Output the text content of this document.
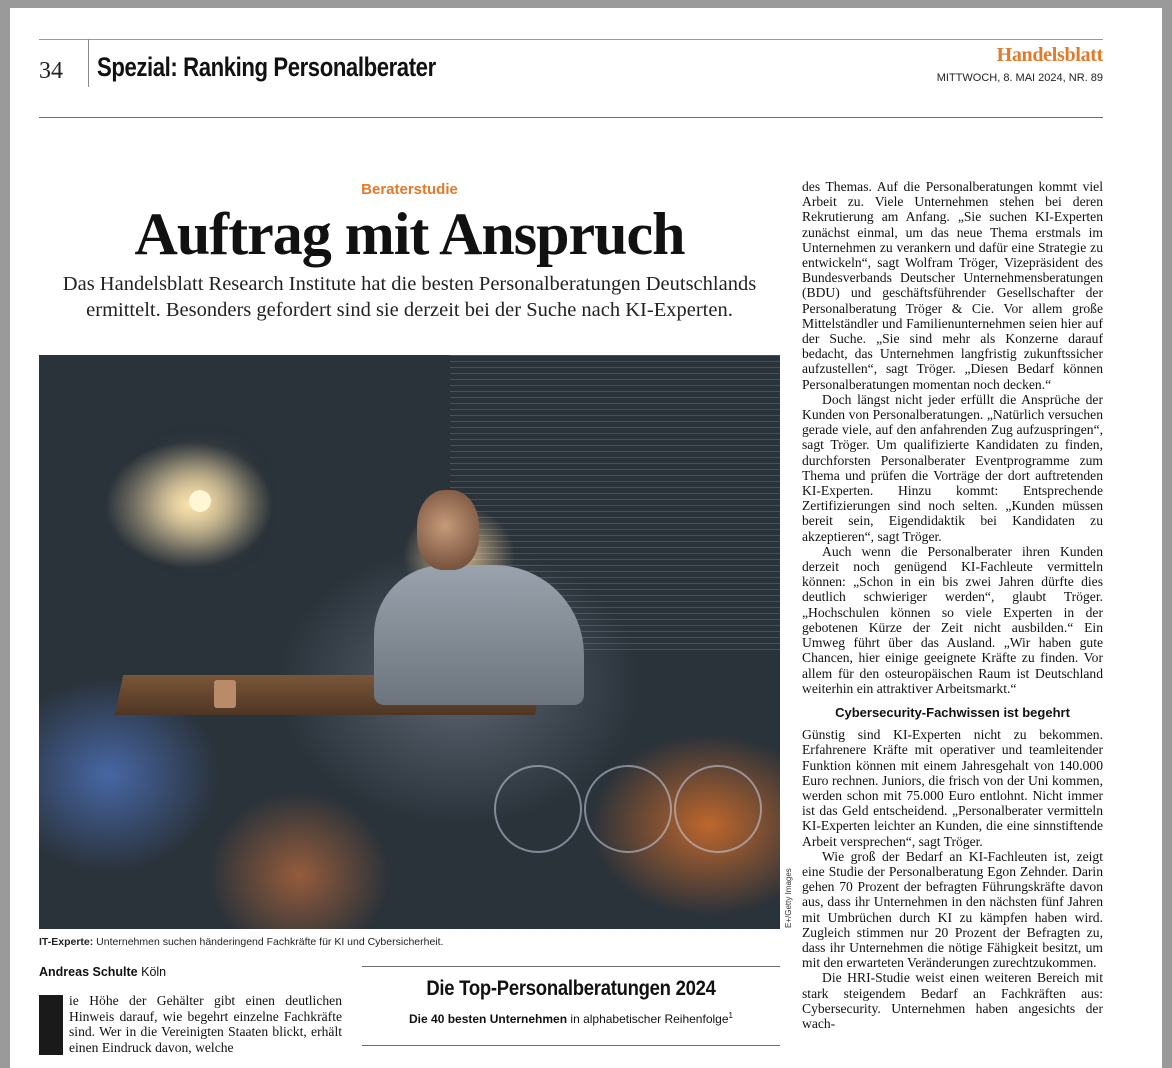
34 Spezial: Ranking Personalberater	Handelsblatt
MITTWOCH, 8. MAI 2024, NR. 89
Beraterstudie
Auftrag mit Anspruch
Das Handelsblatt Research Institute hat die besten Personalberatungen Deutschlands ermittelt. Besonders gefordert sind sie derzeit bei der Suche nach KI-Experten.
E+/Getty Images
IT-Experte: Unternehmen suchen händeringend Fachkräfte für KI und Cybersicherheit.
Andreas Schulte Köln
ie Höhe der Gehälter gibt einen deutlichen Hinweis darauf, wie begehrt einzelne Fachkräfte sind. Wer in die Vereinigten Staaten blickt, erhält einen Eindruck davon, welche
Die Top-Personalberatungen 2024
Die 40 besten Unternehmen in alphabetischer Reihenfolge$^1$

des Themas. Auf die Personalberatungen kommt viel Arbeit zu. Viele Unternehmen stehen bei deren Rekrutierung am Anfang. „Sie suchen KI-Experten zunächst einmal, um das neue Thema erstmals im Unternehmen zu verankern und dafür eine Strategie zu entwickeln“, sagt Wolfram Tröger, Vizepräsident des Bundesverbands Deutscher Unternehmensberatungen (BDU) und geschäftsführender Gesellschafter der Personalberatung Tröger & Cie. Vor allem große Mittelständler und Familienunternehmen seien hier auf der Suche. „Sie sind mehr als Konzerne darauf bedacht, das Unternehmen langfristig zukunftssicher aufzustellen“, sagt Tröger. „Diesen Bedarf können Personalberatungen momentan noch decken.“

Doch längst nicht jeder erfüllt die Ansprüche der Kunden von Personalberatungen. „Natürlich versuchen gerade viele, auf den anfahrenden Zug aufzuspringen“, sagt Tröger. Um qualifizierte Kandidaten zu finden, durchforsten Personalberater Eventprogramme zum Thema und prüfen die Vorträge der dort auftretenden KI-Experten. Hinzu kommt: Entsprechende Zertifizierungen sind noch selten. „Kunden müssen bereit sein, Eigendidaktik bei Kandidaten zu akzeptieren“, sagt Tröger.

Auch wenn die Personalberater ihren Kunden derzeit noch genügend KI-Fachleute vermitteln können: „Schon in ein bis zwei Jahren dürfte dies deutlich schwieriger werden“, glaubt Tröger. „Hochschulen können so viele Experten in der gebotenen Kürze der Zeit nicht ausbilden.“ Ein Umweg führt über das Ausland. „Wir haben gute Chancen, hier einige geeignete Kräfte zu finden. Vor allem für den osteuropäischen Raum ist Deutschland weiterhin ein attraktiver Arbeitsmarkt.“

Cybersecurity-Fachwissen ist begehrt

Günstig sind KI-Experten nicht zu bekommen. Erfahrenere Kräfte mit operativer und teamleitender Funktion können mit einem Jahresgehalt von 140.000 Euro rechnen. Juniors, die frisch von der Uni kommen, werden schon mit 75.000 Euro entlohnt. Nicht immer ist das Geld entscheidend. „Personalberater vermitteln KI-Experten leichter an Kunden, die eine sinnstiftende Arbeit versprechen“, sagt Tröger.

Wie groß der Bedarf an KI-Fachleuten ist, zeigt eine Studie der Personalberatung Egon Zehnder. Darin gehen 70 Prozent der befragten Führungskräfte davon aus, dass ihr Unternehmen in den nächsten fünf Jahren mit Umbrüchen durch KI zu kämpfen haben wird. Zugleich stimmen nur 20 Prozent der Befragten zu, dass ihr Unternehmen die nötige Fähigkeit besitzt, um mit den erwarteten Veränderungen zurechtzukommen.

Die HRI-Studie weist einen weiteren Bereich mit stark steigendem Bedarf an Fachkräften aus: Cybersecurity. Unternehmen haben angesichts der wach-
